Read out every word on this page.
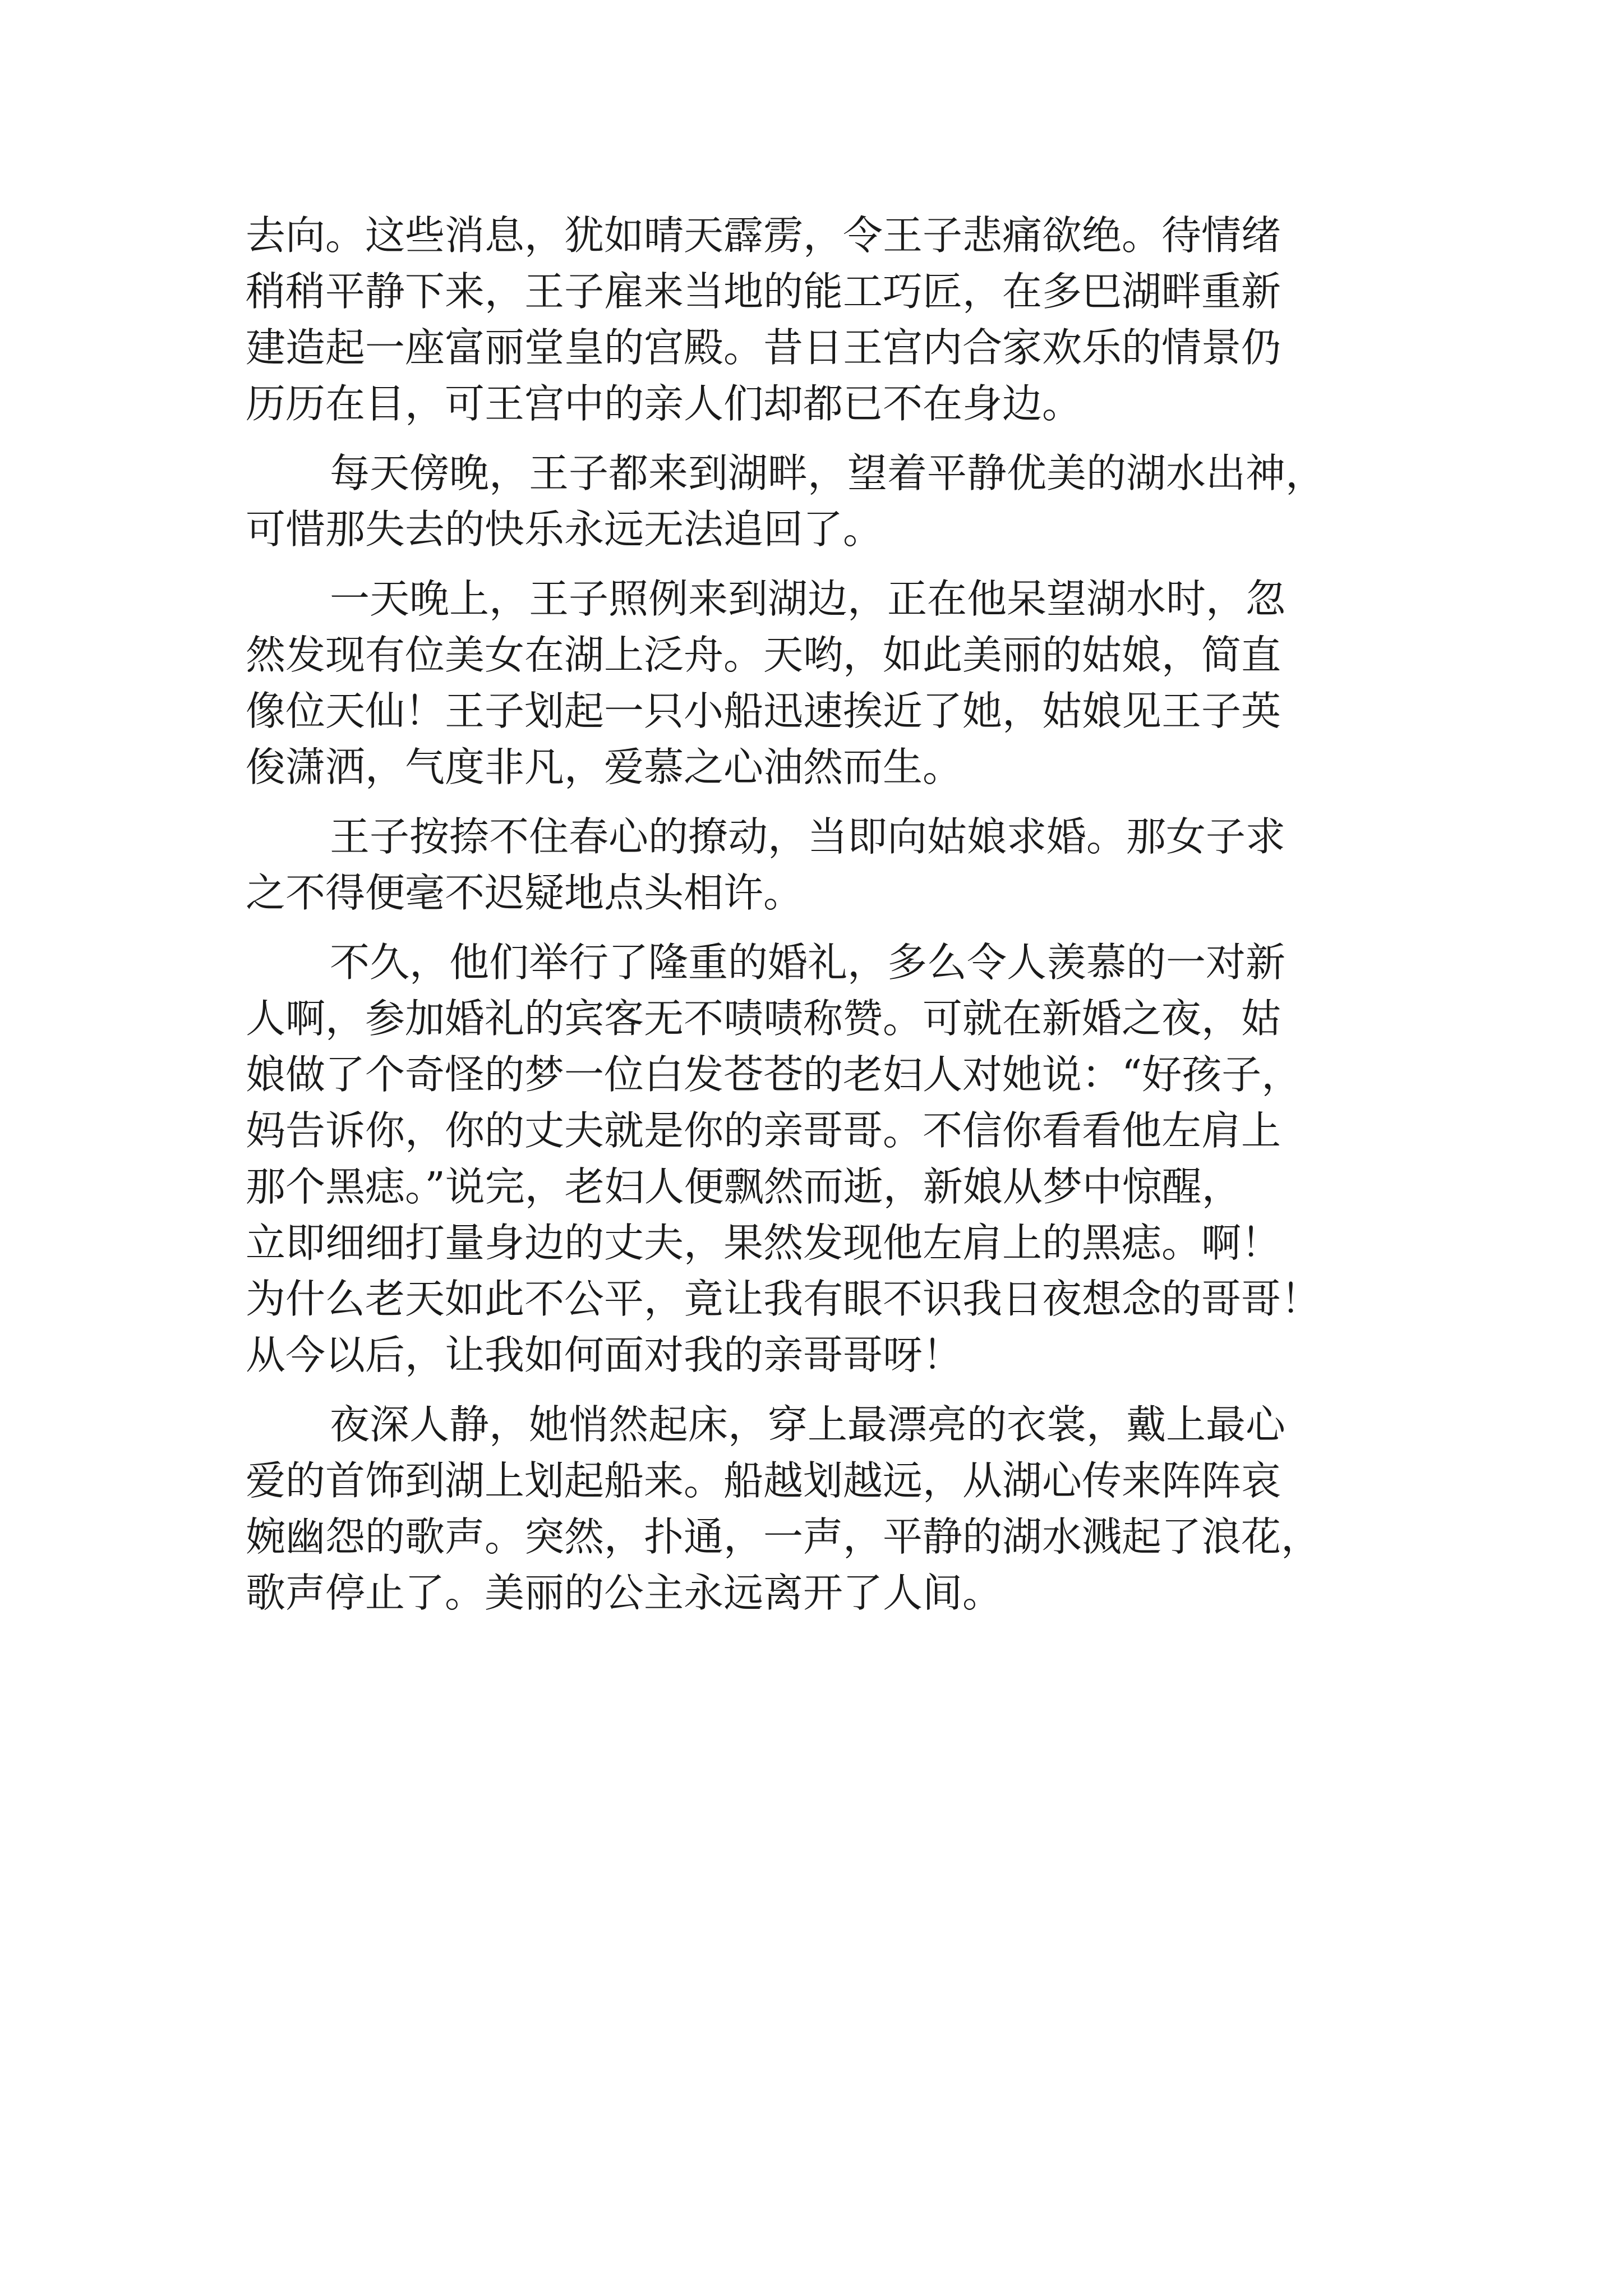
去向。这些消息，犹如晴天霹雳，令王子悲痛欲绝。待情绪
稍稍平静下来，王子雇来当地的能工巧匠，在多巴湖畔重新
建造起一座富丽堂皇的宫殿。昔日王宫内合家欢乐的情景仍
历历在目，可王宫中的亲人们却都已不在身边。
每天傍晚，王子都来到湖畔，望着平静优美的湖水出神，
可惜那失去的快乐永远无法追回了。
一天晚上，王子照例来到湖边，正在他呆望湖水时，忽
然发现有位美女在湖上泛舟。天哟，如此美丽的姑娘，简直
像位天仙！王子划起一只小船迅速挨近了她，姑娘见王子英
俊潇洒，气度非凡，爱慕之心油然而生。
王子按捺不住春心的撩动，当即向姑娘求婚。那女子求
之不得便毫不迟疑地点头相许。
不久，他们举行了隆重的婚礼，多么令人羡慕的一对新
人啊，参加婚礼的宾客无不啧啧称赞。可就在新婚之夜，姑
娘做了个奇怪的梦一位白发苍苍的老妇人对她说：“好孩子，
妈告诉你，你的丈夫就是你的亲哥哥。不信你看看他左肩上
那个黑痣。”说完，老妇人便飘然而逝，新娘从梦中惊醒，
立即细细打量身边的丈夫，果然发现他左肩上的黑痣。啊！
为什么老天如此不公平，竟让我有眼不识我日夜想念的哥哥！
从今以后，让我如何面对我的亲哥哥呀！
夜深人静，她悄然起床，穿上最漂亮的衣裳，戴上最心
爱的首饰到湖上划起船来。船越划越远，从湖心传来阵阵哀
婉幽怨的歌声。突然，扑通，一声，平静的湖水溅起了浪花，
歌声停止了。美丽的公主永远离开了人间。
